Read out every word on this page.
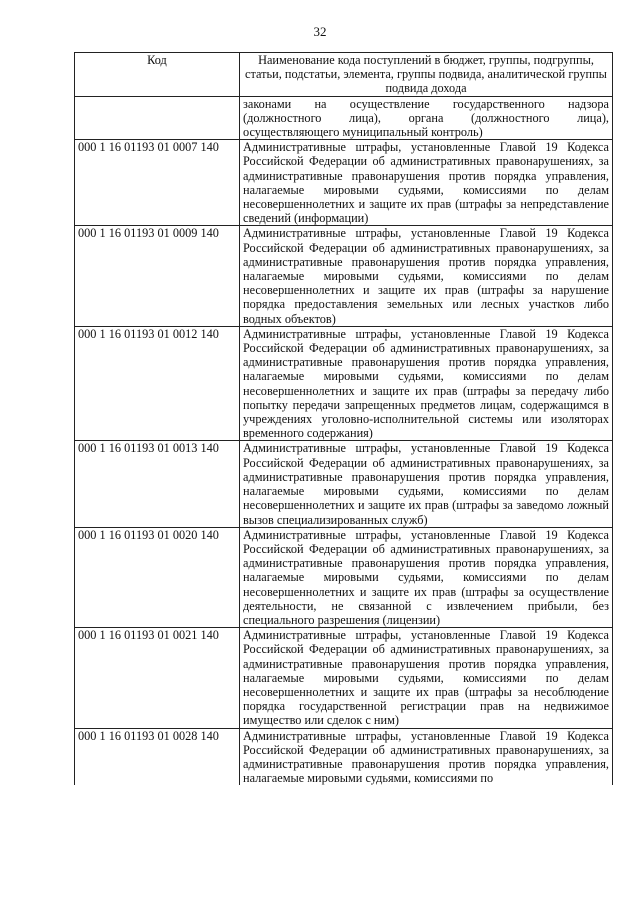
32
Код	Наименование кода поступлений в бюджет, группы, подгруппы, статьи, подстатьи, элемента, группы подвида, аналитической группы подвида дохода
	законами на осуществление государственного надзора (должностного лица), органа (должностного лица), осуществляющего муниципальный контроль)
000 1 16 01193 01 0007 140	Административные штрафы, установленные Главой 19 Кодекса Российской Федерации об административных правонарушениях, за административные правонарушения против порядка управления, налагаемые мировыми судьями, комиссиями по делам несовершеннолетних и защите их прав (штрафы за непредставление сведений (информации)
000 1 16 01193 01 0009 140	Административные штрафы, установленные Главой 19 Кодекса Российской Федерации об административных правонарушениях, за административные правонарушения против порядка управления, налагаемые мировыми судьями, комиссиями по делам несовершеннолетних и защите их прав (штрафы за нарушение порядка предоставления земельных или лесных участков либо водных объектов)
000 1 16 01193 01 0012 140	Административные штрафы, установленные Главой 19 Кодекса Российской Федерации об административных правонарушениях, за административные правонарушения против порядка управления, налагаемые мировыми судьями, комиссиями по делам несовершеннолетних и защите их прав (штрафы за передачу либо попытку передачи запрещенных предметов лицам, содержащимся в учреждениях уголовно-исполнительной системы или изоляторах временного содержания)
000 1 16 01193 01 0013 140	Административные штрафы, установленные Главой 19 Кодекса Российской Федерации об административных правонарушениях, за административные правонарушения против порядка управления, налагаемые мировыми судьями, комиссиями по делам несовершеннолетних и защите их прав (штрафы за заведомо ложный вызов специализированных служб)
000 1 16 01193 01 0020 140	Административные штрафы, установленные Главой 19 Кодекса Российской Федерации об административных правонарушениях, за административные правонарушения против порядка управления, налагаемые мировыми судьями, комиссиями по делам несовершеннолетних и защите их прав (штрафы за осуществление деятельности, не связанной с извлечением прибыли, без специального разрешения (лицензии)
000 1 16 01193 01 0021 140	Административные штрафы, установленные Главой 19 Кодекса Российской Федерации об административных правонарушениях, за административные правонарушения против порядка управления, налагаемые мировыми судьями, комиссиями по делам несовершеннолетних и защите их прав (штрафы за несоблюдение порядка государственной регистрации прав на недвижимое имущество или сделок с ним)
000 1 16 01193 01 0028 140	Административные штрафы, установленные Главой 19 Кодекса Российской Федерации об административных правонарушениях, за административные правонарушения против порядка управления, налагаемые мировыми судьями, комиссиями по
